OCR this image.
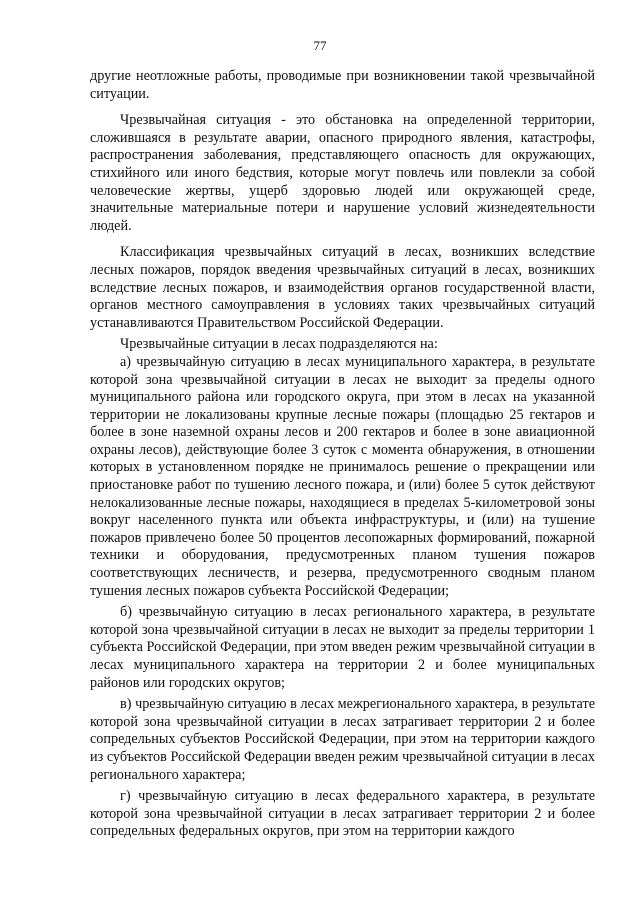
77

другие неотложные работы, проводимые при возникновении такой чрезвычайной ситуации.

Чрезвычайная ситуация - это обстановка на определенной территории, сложившаяся в результате аварии, опасного природного явления, катастрофы, распространения заболевания, представляющего опасность для окружающих, стихийного или иного бедствия, которые могут повлечь или повлекли за собой человеческие жертвы, ущерб здоровью людей или окружающей среде, значительные материальные потери и нарушение условий жизнедеятельности людей.

Классификация чрезвычайных ситуаций в лесах, возникших вследствие лесных пожаров, порядок введения чрезвычайных ситуаций в лесах, возникших вследствие лесных пожаров, и взаимодействия органов государственной власти, органов местного самоуправления в условиях таких чрезвычайных ситуаций устанавливаются Правительством Российской Федерации.

Чрезвычайные ситуации в лесах подразделяются на:

а) чрезвычайную ситуацию в лесах муниципального характера, в результате которой зона чрезвычайной ситуации в лесах не выходит за пределы одного муниципального района или городского округа, при этом в лесах на указанной территории не локализованы крупные лесные пожары (площадью 25 гектаров и более в зоне наземной охраны лесов и 200 гектаров и более в зоне авиационной охраны лесов), действующие более 3 суток с момента обнаружения, в отношении которых в установленном порядке не принималось решение о прекращении или приостановке работ по тушению лесного пожара, и (или) более 5 суток действуют нелокализованные лесные пожары, находящиеся в пределах 5-километровой зоны вокруг населенного пункта или объекта инфраструктуры, и (или) на тушение пожаров привлечено более 50 процентов лесопожарных формирований, пожарной техники и оборудования, предусмотренных планом тушения пожаров соответствующих лесничеств, и резерва, предусмотренного сводным планом тушения лесных пожаров субъекта Российской Федерации;

б) чрезвычайную ситуацию в лесах регионального характера, в результате которой зона чрезвычайной ситуации в лесах не выходит за пределы территории 1 субъекта Российской Федерации, при этом введен режим чрезвычайной ситуации в лесах муниципального характера на территории 2 и более муниципальных районов или городских округов;

в) чрезвычайную ситуацию в лесах межрегионального характера, в результате которой зона чрезвычайной ситуации в лесах затрагивает территории 2 и более сопредельных субъектов Российской Федерации, при этом на территории каждого из субъектов Российской Федерации введен режим чрезвычайной ситуации в лесах регионального характера;

г) чрезвычайную ситуацию в лесах федерального характера, в результате которой зона чрезвычайной ситуации в лесах затрагивает территории 2 и более сопредельных федеральных округов, при этом на территории каждого
